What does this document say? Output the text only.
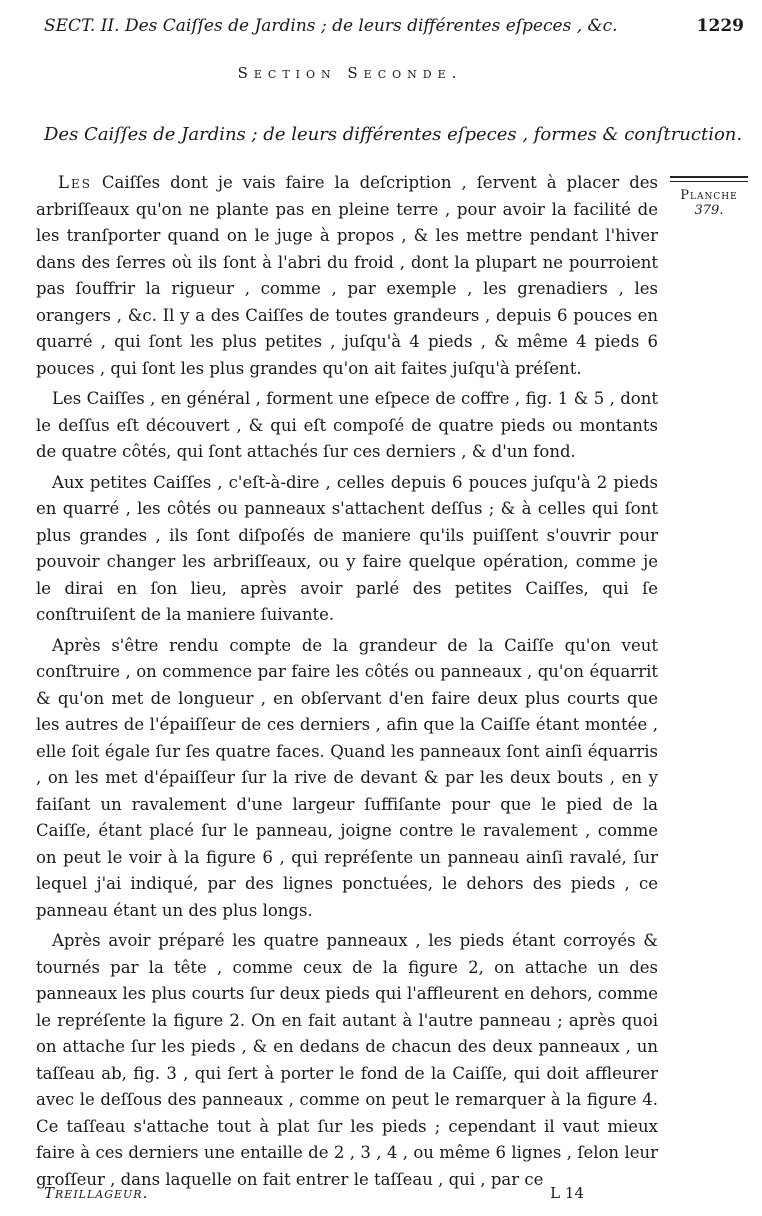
SECT. II. Des Caiſſes de Jardins ; de leurs différentes eſpeces , &c.	1229
Section Seconde.
Des Caiſſes de Jardins ; de leurs différentes eſpeces , formes & conſtruction.
Planche
379.

Les Caiſſes dont je vais faire la deſcription , ſervent à placer des arbriſſeaux qu'on ne plante pas en pleine terre , pour avoir la facilité de les tranſporter quand on le juge à propos , & les mettre pendant l'hiver dans des ſerres où ils ſont à l'abri du froid , dont la plupart ne pourroient pas ſouffrir la rigueur , comme , par exemple , les grenadiers , les orangers , &c. Il y a des Caiſſes de toutes grandeurs , depuis 6 pouces en quarré , qui ſont les plus petites , juſqu'à 4 pieds , & même 4 pieds 6 pouces , qui ſont les plus grandes qu'on ait faites juſqu'à préſent.

Les Caiſſes , en général , forment une eſpece de coffre , fig. 1 & 5 , dont le deſſus eſt découvert , & qui eſt compoſé de quatre pieds ou montants de quatre côtés, qui ſont attachés ſur ces derniers , & d'un fond.

Aux petites Caiſſes , c'eſt-à-dire , celles depuis 6 pouces juſqu'à 2 pieds en quarré , les côtés ou panneaux s'attachent deſſus ; & à celles qui ſont plus grandes , ils ſont diſpoſés de maniere qu'ils puiſſent s'ouvrir pour pouvoir changer les arbriſſeaux, ou y faire quelque opération, comme je le dirai en ſon lieu, après avoir parlé des petites Caiſſes, qui ſe conſtruiſent de la maniere ſuivante.

Après s'être rendu compte de la grandeur de la Caiſſe qu'on veut conſtruire , on commence par faire les côtés ou panneaux , qu'on équarrit & qu'on met de longueur , en obſervant d'en faire deux plus courts que les autres de l'épaiſſeur de ces derniers , afin que la Caiſſe étant montée , elle ſoit égale ſur ſes quatre faces. Quand les panneaux ſont ainſi équarris , on les met d'épaiſſeur ſur la rive de devant & par les deux bouts , en y faiſant un ravalement d'une largeur ſuffiſante pour que le pied de la Caiſſe, étant placé ſur le panneau, joigne contre le ravalement , comme on peut le voir à la figure 6 , qui repréſente un panneau ainſi ravalé, ſur lequel j'ai indiqué, par des lignes ponctuées, le dehors des pieds , ce panneau étant un des plus longs.

Après avoir préparé les quatre panneaux , les pieds étant corroyés & tournés par la tête , comme ceux de la figure 2, on attache un des panneaux les plus courts ſur deux pieds qui l'affleurent en dehors, comme le repréſente la figure 2. On en fait autant à l'autre panneau ; après quoi on attache ſur les pieds , & en dedans de chacun des deux panneaux , un taſſeau ab, fig. 3 , qui ſert à porter le fond de la Caiſſe, qui doit affleurer avec le deſſous des panneaux , comme on peut le remarquer à la figure 4. Ce taſſeau s'attache tout à plat ſur les pieds ; cependant il vaut mieux faire à ces derniers une entaille de 2 , 3 , 4 , ou même 6 lignes , ſelon leur groſſeur , dans laquelle on fait entrer le taſſeau , qui , par ce

Treillageur.	L 14
